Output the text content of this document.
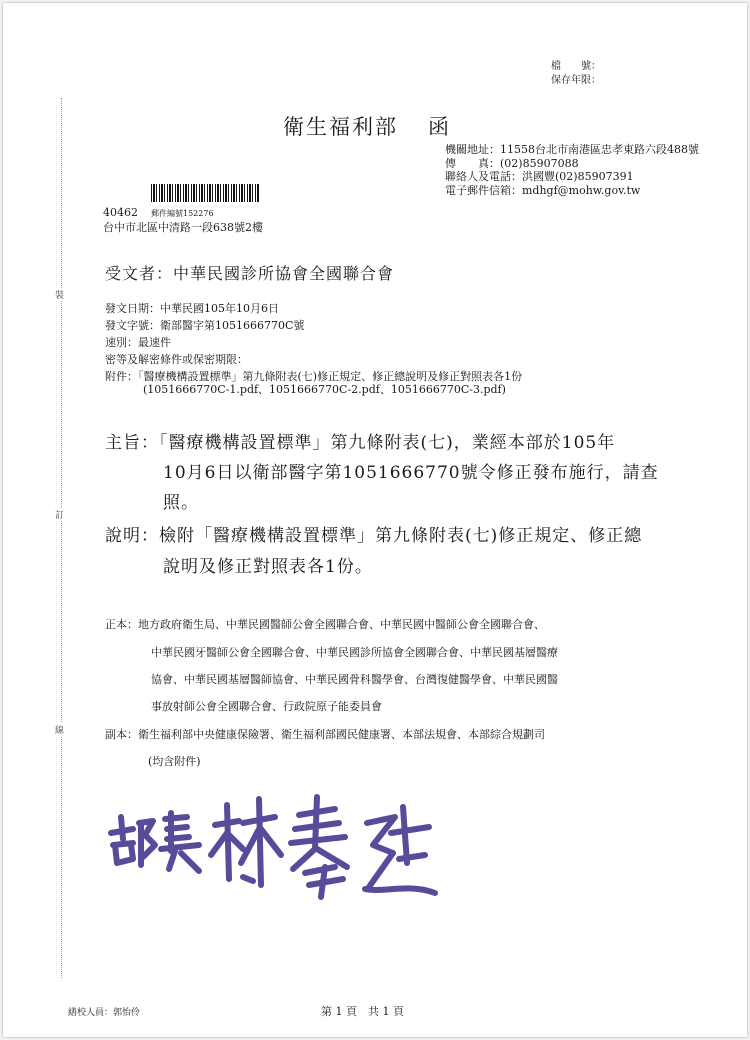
裝
訂
線
檔　　號：
保存年限：
衛生福利部 函
機關地址：11558台北市南港區忠孝東路六段488號
傳　　真：(02)85907088
聯絡人及電話：洪國豐(02)85907391
電子郵件信箱：mdhgf@mohw.gov.tw
40462 郵件編號152276
台中市北區中清路一段638號2樓
受文者：中華民國診所協會全國聯合會
發文日期：中華民國105年10月6日
發文字號：衛部醫字第1051666770C號
速別：最速件
密等及解密條件或保密期限：
附件：「醫療機構設置標準」第九條附表(七)修正規定、修正總說明及修正對照表各1份
(1051666770C-1.pdf、1051666770C-2.pdf、1051666770C-3.pdf)
主旨：「醫療機構設置標準」第九條附表(七)，業經本部於105年
10月6日以衛部醫字第1051666770號令修正發布施行，請查
照。
說明：檢附「醫療機構設置標準」第九條附表(七)修正規定、修正總
說明及修正對照表各1份。
正本：地方政府衛生局、中華民國醫師公會全國聯合會、中華民國中醫師公會全國聯合會、
中華民國牙醫師公會全國聯合會、中華民國診所協會全國聯合會、中華民國基層醫療
協會、中華民國基層醫師協會、中華民國骨科醫學會、台灣復健醫學會、中華民國醫
事放射師公會全國聯合會、行政院原子能委員會
副本：衛生福利部中央健康保險署、衛生福利部國民健康署、本部法規會、本部綜合規劃司
(均含附件)
繕校人員：郭怡伶	第 1 頁　共 1 頁
